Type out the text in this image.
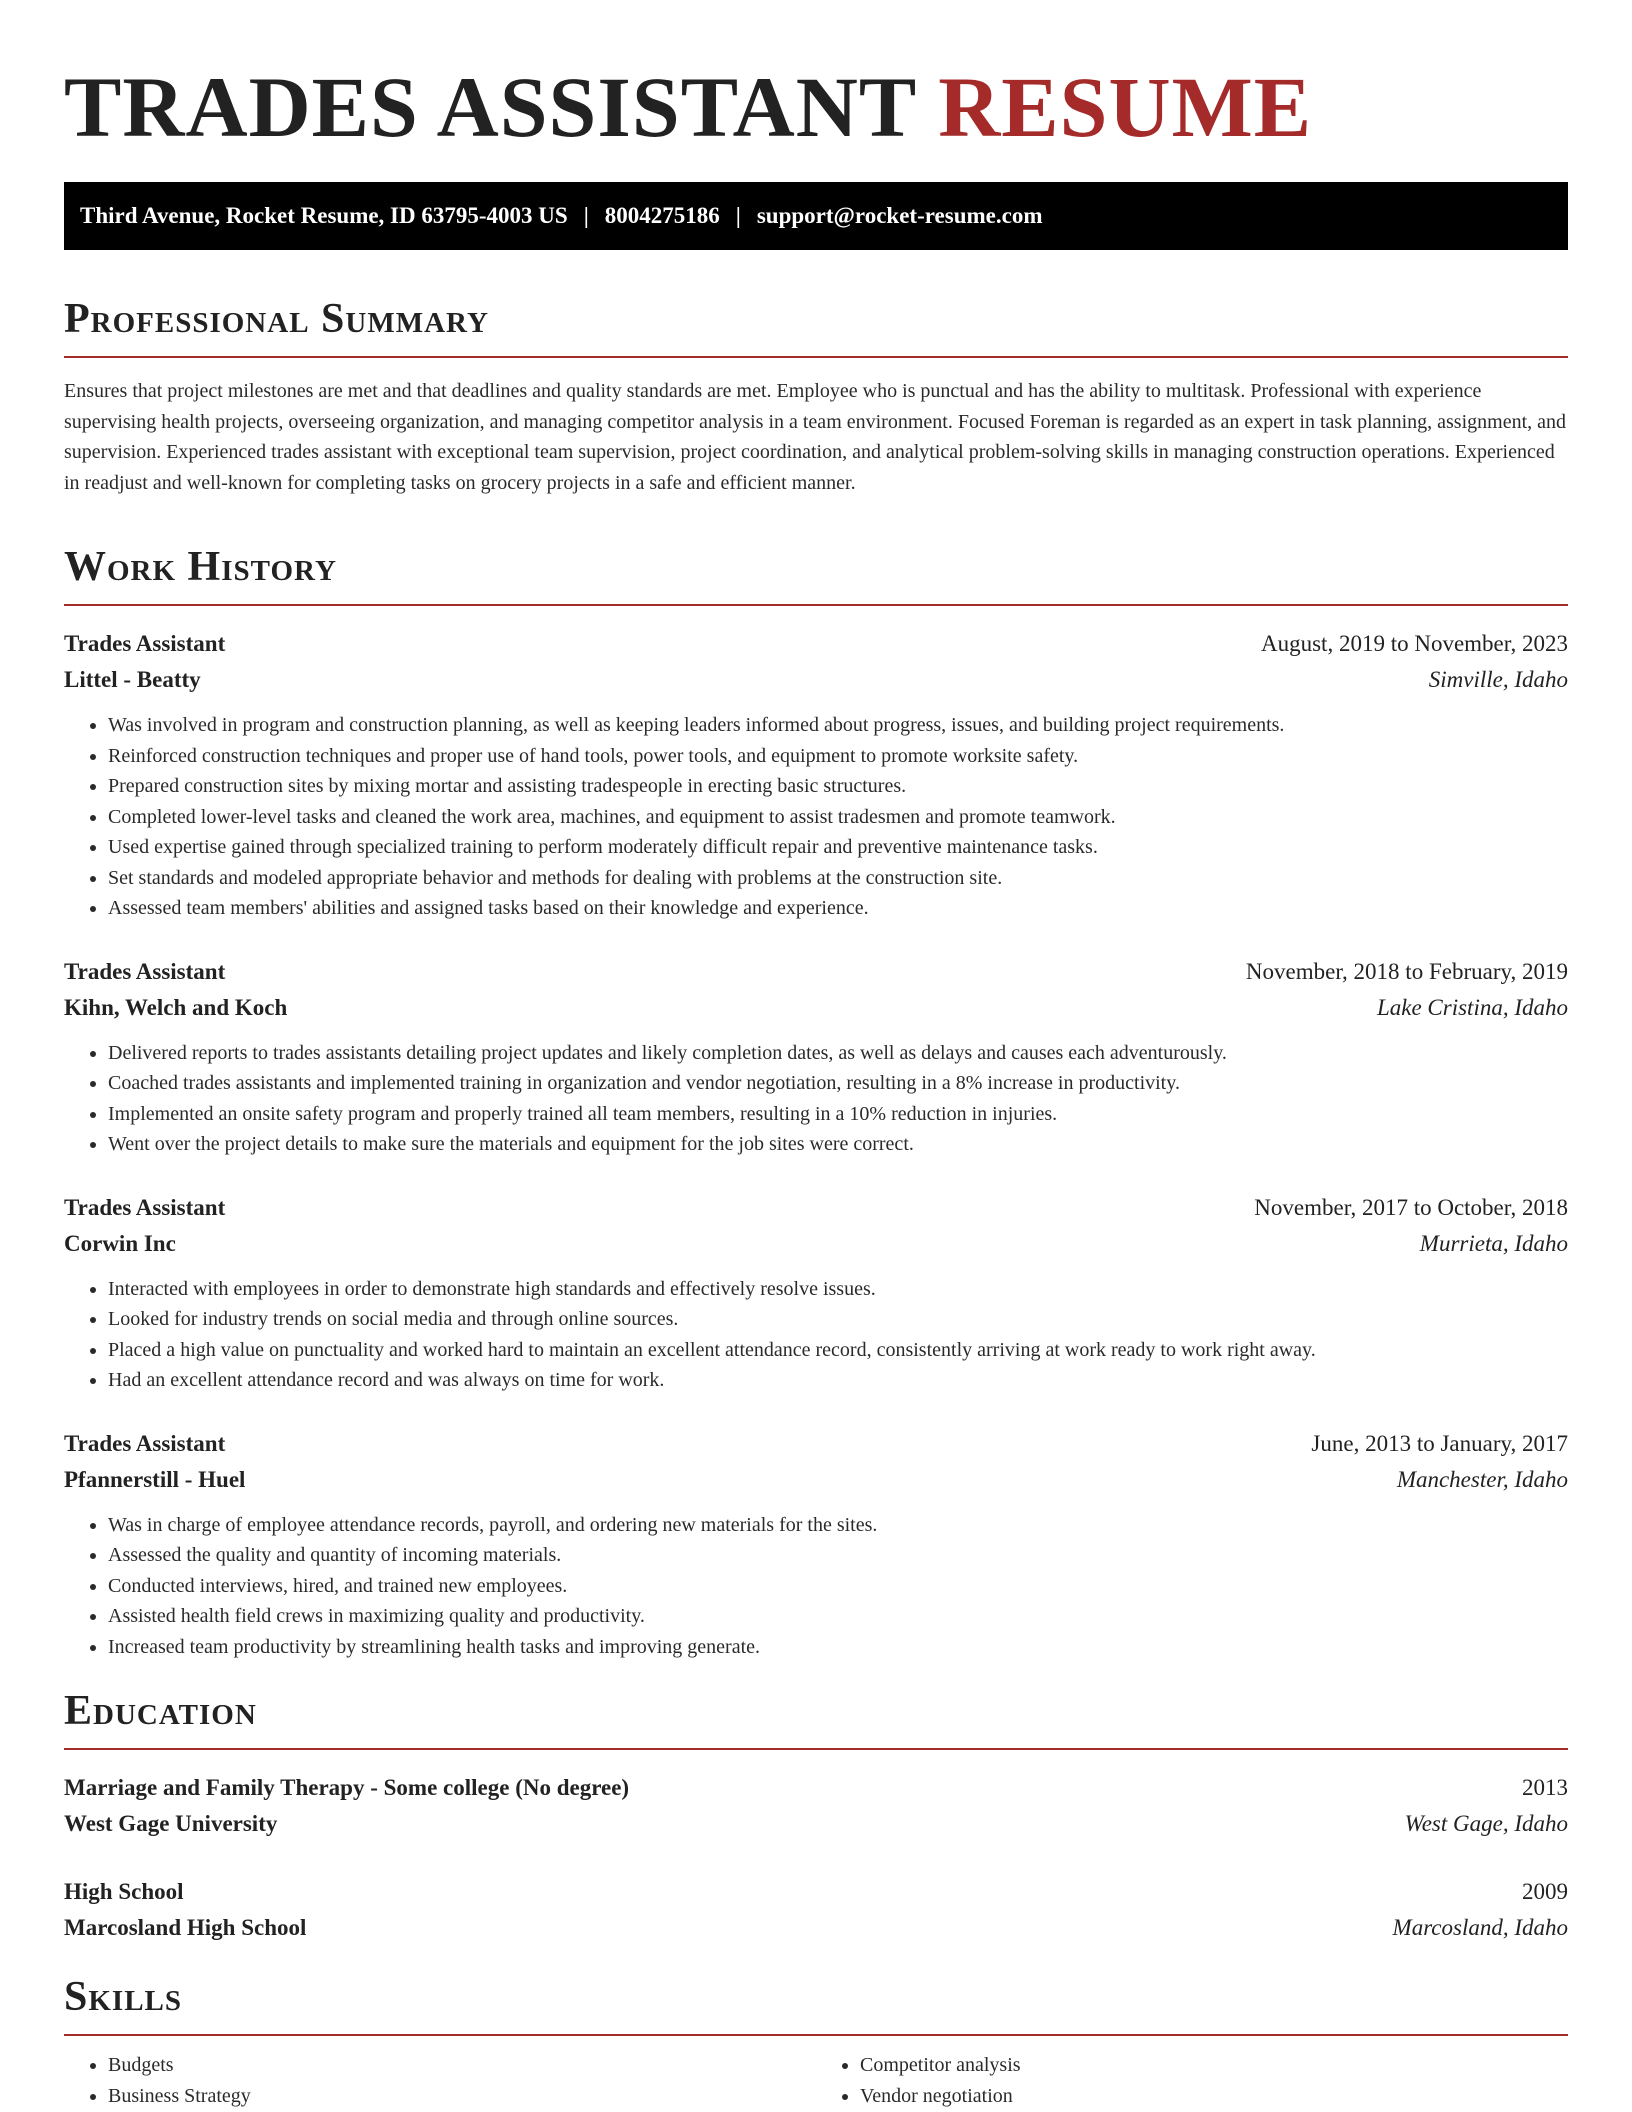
TRADES ASSISTANT RESUME
Third Avenue, Rocket Resume, ID 63795-4003 US | 8004275186 | support@rocket-resume.com
Professional Summary

Ensures that project milestones are met and that deadlines and quality standards are met. Employee who is punctual and has the ability to multitask. Professional with experience supervising health projects, overseeing organization, and managing competitor analysis in a team environment. Focused Foreman is regarded as an expert in task planning, assignment, and supervision. Experienced trades assistant with exceptional team supervision, project coordination, and analytical problem-solving skills in managing construction operations. Experienced in readjust and well-known for completing tasks on grocery projects in a safe and efficient manner.

Work History
Trades Assistant	August, 2019 to November, 2023
Littel - Beatty	Simville, Idaho
• Was involved in program and construction planning, as well as keeping leaders informed about progress, issues, and building project requirements.
• Reinforced construction techniques and proper use of hand tools, power tools, and equipment to promote worksite safety.
• Prepared construction sites by mixing mortar and assisting tradespeople in erecting basic structures.
• Completed lower-level tasks and cleaned the work area, machines, and equipment to assist tradesmen and promote teamwork.
• Used expertise gained through specialized training to perform moderately difficult repair and preventive maintenance tasks.
• Set standards and modeled appropriate behavior and methods for dealing with problems at the construction site.
• Assessed team members' abilities and assigned tasks based on their knowledge and experience.
Trades Assistant	November, 2018 to February, 2019
Kihn, Welch and Koch	Lake Cristina, Idaho
• Delivered reports to trades assistants detailing project updates and likely completion dates, as well as delays and causes each adventurously.
• Coached trades assistants and implemented training in organization and vendor negotiation, resulting in a 8% increase in productivity.
• Implemented an onsite safety program and properly trained all team members, resulting in a 10% reduction in injuries.
• Went over the project details to make sure the materials and equipment for the job sites were correct.
Trades Assistant	November, 2017 to October, 2018
Corwin Inc	Murrieta, Idaho
• Interacted with employees in order to demonstrate high standards and effectively resolve issues.
• Looked for industry trends on social media and through online sources.
• Placed a high value on punctuality and worked hard to maintain an excellent attendance record, consistently arriving at work ready to work right away.
• Had an excellent attendance record and was always on time for work.
Trades Assistant	June, 2013 to January, 2017
Pfannerstill - Huel	Manchester, Idaho
• Was in charge of employee attendance records, payroll, and ordering new materials for the sites.
• Assessed the quality and quantity of incoming materials.
• Conducted interviews, hired, and trained new employees.
• Assisted health field crews in maximizing quality and productivity.
• Increased team productivity by streamlining health tasks and improving generate.
Education
Marriage and Family Therapy - Some college (No degree)	2013
West Gage University	West Gage, Idaho
High School	2009
Marcosland High School	Marcosland, Idaho
Skills
• Budgets
• Business Strategy
• Competitor analysis
• Vendor negotiation
